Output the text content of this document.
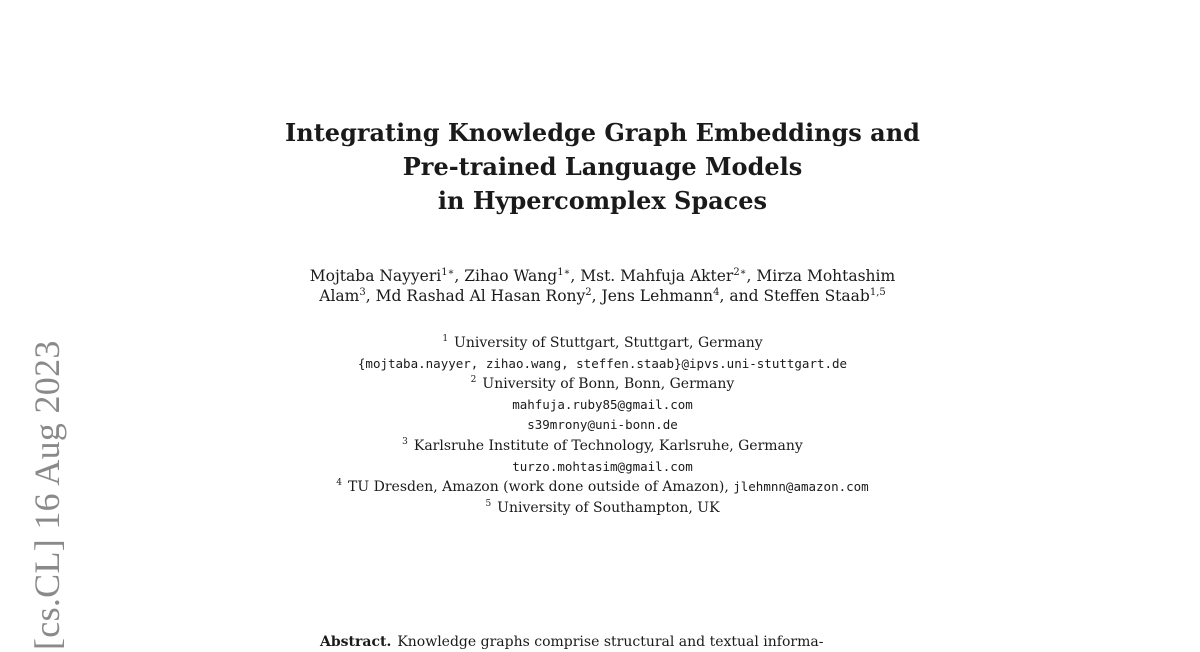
[cs.CL] 16 Aug 2023
Integrating Knowledge Graph Embeddings and
Pre-trained Language Models
in Hypercomplex Spaces
Mojtaba Nayyeri$^{1∗}$, Zihao Wang$^{1∗}$, Mst. Mahfuja Akter$^{2∗}$, Mirza Mohtashim
Alam$^3$, Md Rashad Al Hasan Rony$^2$, Jens Lehmann$^4$, and Steffen Staab$^{1,5}$
$^1$ University of Stuttgart, Stuttgart, Germany
{mojtaba.nayyer, zihao.wang, steffen.staab}@ipvs.uni-stuttgart.de
$^2$ University of Bonn, Bonn, Germany
mahfuja.ruby85@gmail.com
s39mrony@uni-bonn.de
$^3$ Karlsruhe Institute of Technology, Karlsruhe, Germany
turzo.mohtasim@gmail.com
$^4$ TU Dresden, Amazon (work done outside of Amazon), jlehmnn@amazon.com
$^5$ University of Southampton, UK
Abstract. Knowledge graphs comprise structural and textual informa-
